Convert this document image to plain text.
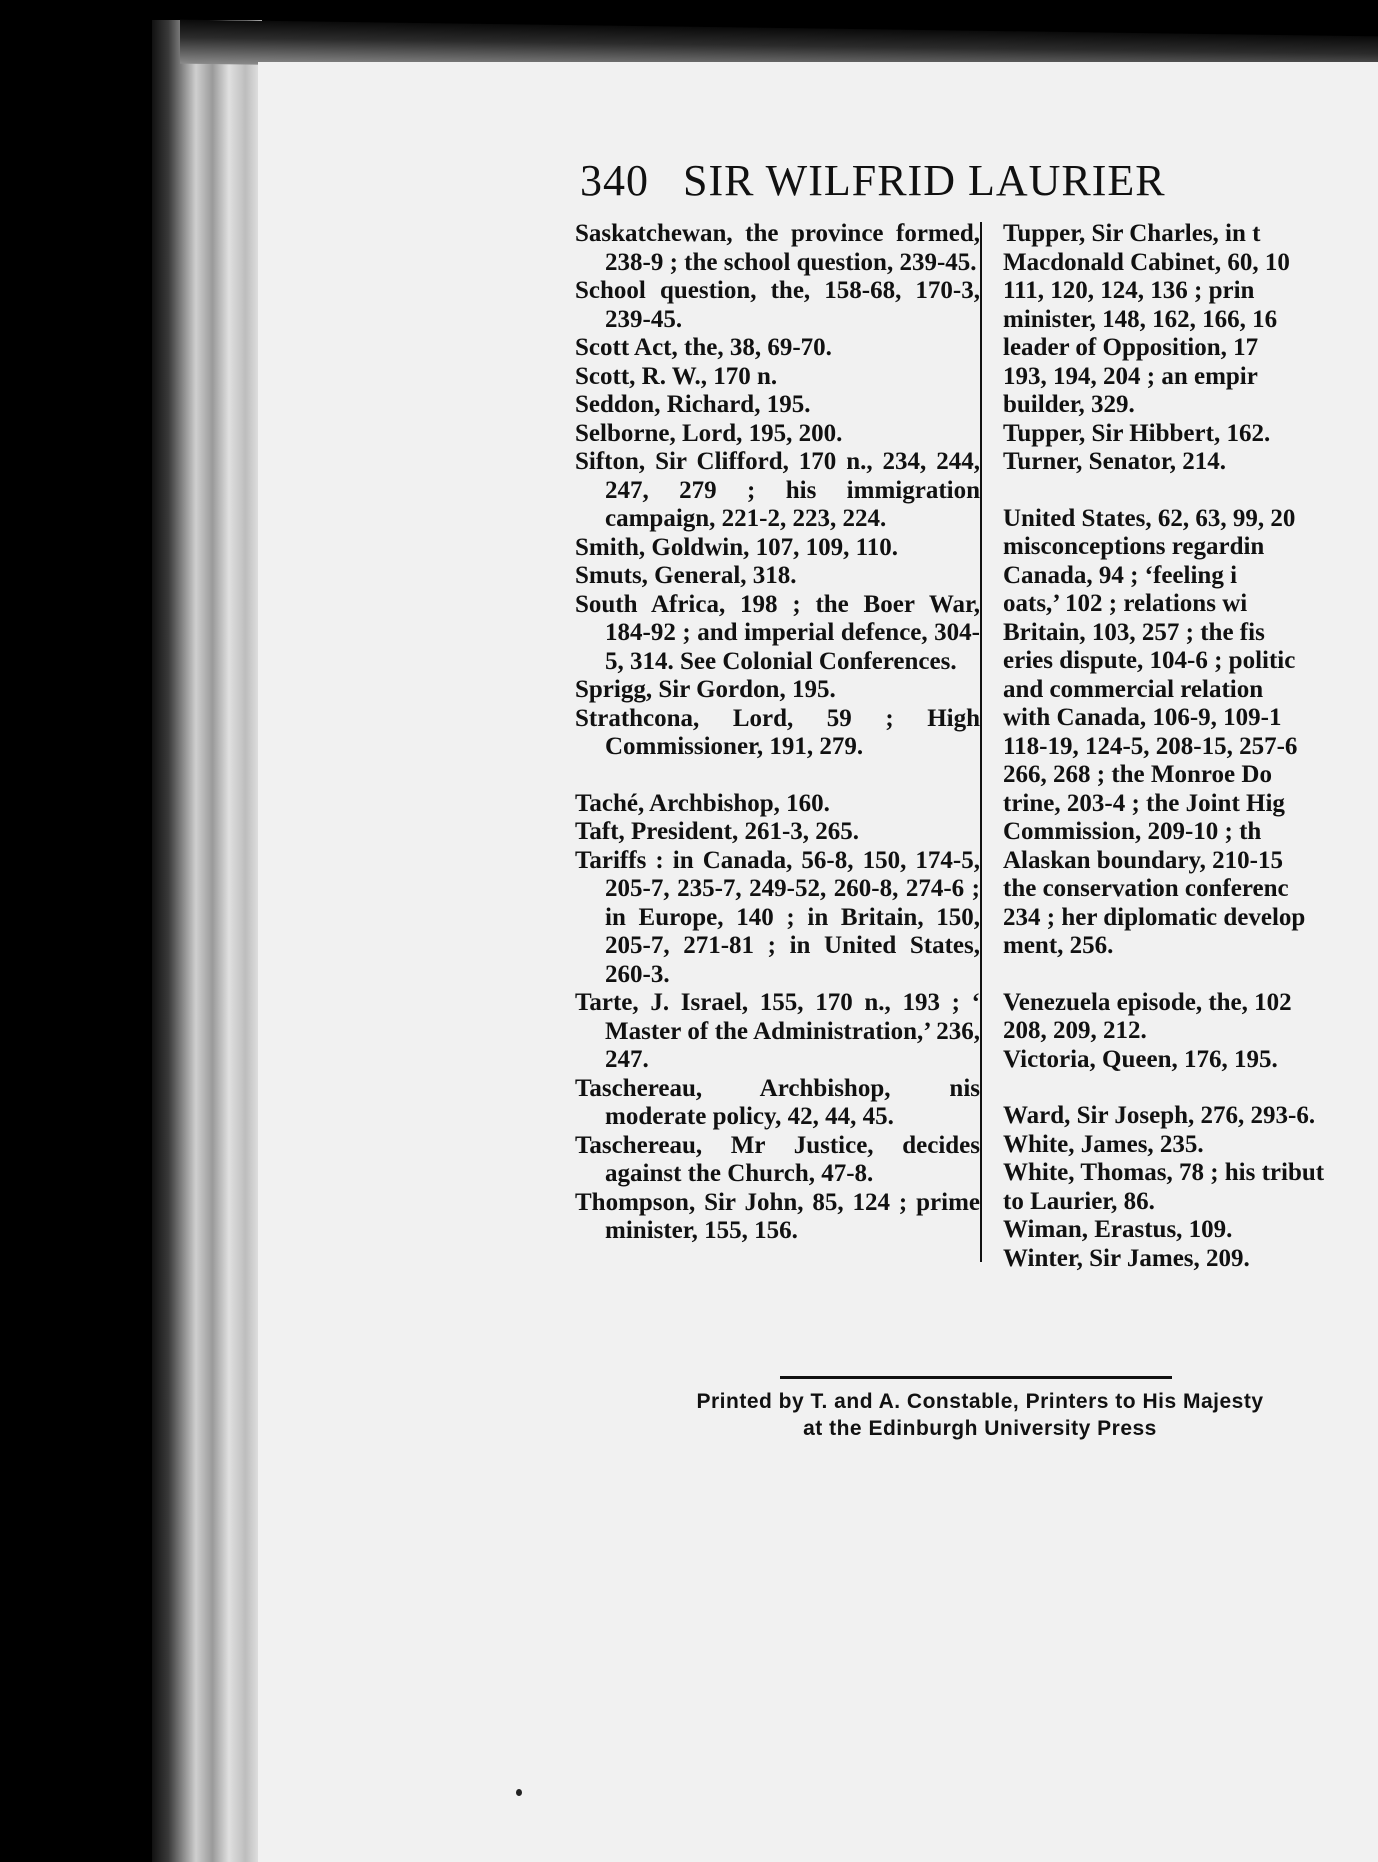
340 SIR WILFRID LAURIER

Saskatchewan, the province formed, 238-9 ; the school question, 239-45.

School question, the, 158-68, 170-3, 239-45.

Scott Act, the, 38, 69-70.

Scott, R. W., 170 n.

Seddon, Richard, 195.

Selborne, Lord, 195, 200.

Sifton, Sir Clifford, 170 n., 234, 244, 247, 279 ; his immigration campaign, 221-2, 223, 224.

Smith, Goldwin, 107, 109, 110.

Smuts, General, 318.

South Africa, 198 ; the Boer War, 184-92 ; and imperial defence, 304-5, 314. See Colonial Conferences.

Sprigg, Sir Gordon, 195.

Strathcona, Lord, 59 ; High Commissioner, 191, 279.

Taché, Archbishop, 160.

Taft, President, 261-3, 265.

Tariffs : in Canada, 56-8, 150, 174-5, 205-7, 235-7, 249-52, 260-8, 274-6 ; in Europe, 140 ; in Britain, 150, 205-7, 271-81 ; in United States, 260-3.

Tarte, J. Israel, 155, 170 n., 193 ; ‘ Master of the Administration,’ 236, 247.

Taschereau, Archbishop, nis moderate policy, 42, 44, 45.

Taschereau, Mr Justice, decides against the Church, 47-8.

Thompson, Sir John, 85, 124 ; prime minister, 155, 156.

Tupper, Sir Charles, in t
Macdonald Cabinet, 60, 10
111, 120, 124, 136 ; prin
minister, 148, 162, 166, 16
leader of Opposition, 17
193, 194, 204 ; an empir
builder, 329.
Tupper, Sir Hibbert, 162.
Turner, Senator, 214.
United States, 62, 63, 99, 20
misconceptions regardin
Canada, 94 ; ‘feeling i
oats,’ 102 ; relations wi
Britain, 103, 257 ; the fis
eries dispute, 104-6 ; politic
and commercial relation
with Canada, 106-9, 109-1
118-19, 124-5, 208-15, 257-6
266, 268 ; the Monroe Do
trine, 203-4 ; the Joint Hig
Commission, 209-10 ; th
Alaskan boundary, 210-15
the conservation conferenc
234 ; her diplomatic develop
ment, 256.
Venezuela episode, the, 102
208, 209, 212.
Victoria, Queen, 176, 195.
Ward, Sir Joseph, 276, 293-6.
White, James, 235.
White, Thomas, 78 ; his tribut
to Laurier, 86.
Wiman, Erastus, 109.
Winter, Sir James, 209.
Printed by T. and A. Constable, Printers to His Majesty
at the Edinburgh University Press
